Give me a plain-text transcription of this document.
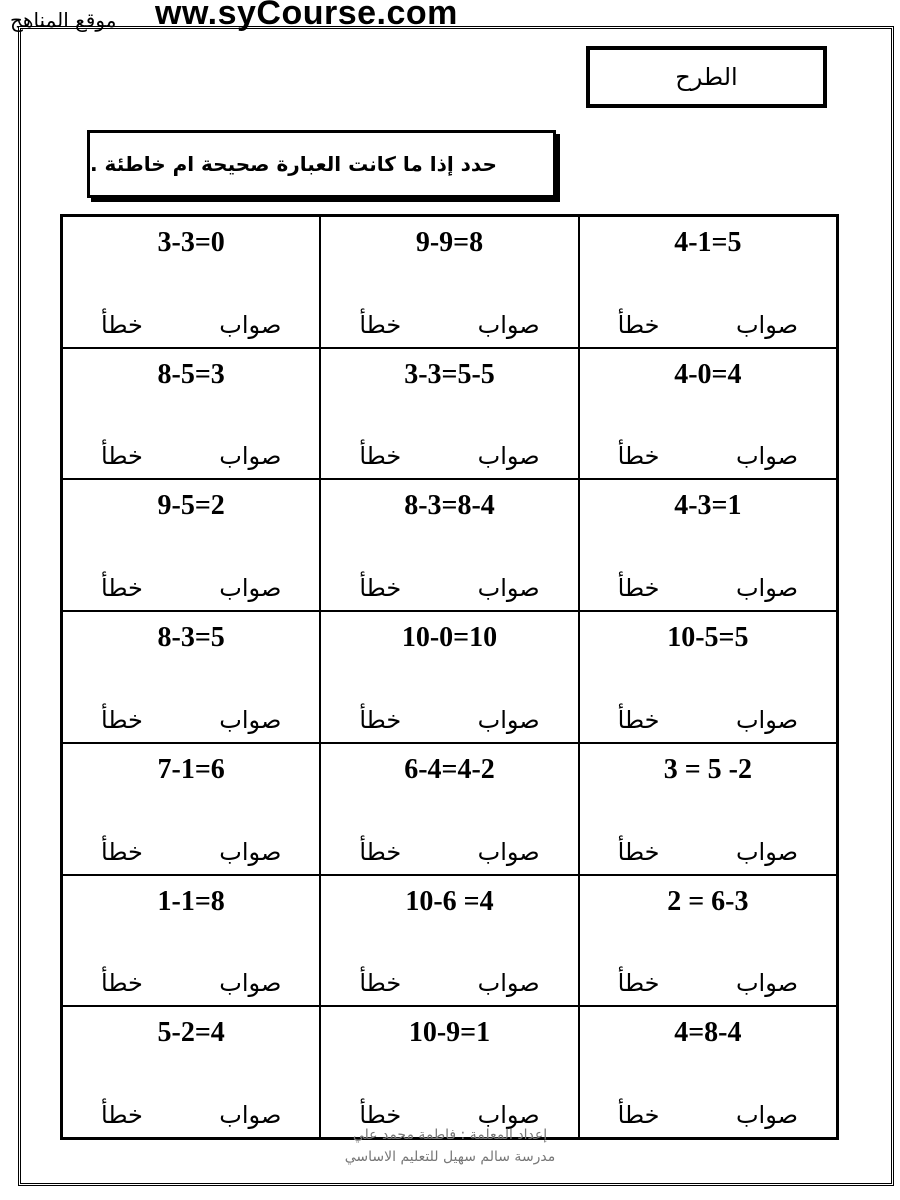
ww.syCourse.com
موقع المناهج
الطرح
حدد إذا ما كانت العبارة صحيحة ام خاطئة .
3-3=0
صواب
خطأ
9-9=8
صواب
خطأ
4-1=5
صواب
خطأ
8-5=3
صواب
خطأ
3-3=5-5
صواب
خطأ
4-0=4
صواب
خطأ
9-5=2
صواب
خطأ
8-3=8-4
صواب
خطأ
4-3=1
صواب
خطأ
8-3=5
صواب
خطأ
10-0=10
صواب
خطأ
10-5=5
صواب
خطأ
7-1=6
صواب
خطأ
6-4=4-2
صواب
خطأ
3 = 5 -2
صواب
خطأ
1-1=8
صواب
خطأ
10-6 =4
صواب
خطأ
2 = 6-3
صواب
خطأ
5-2=4
صواب
خطأ
10-9=1
صواب
خطأ
4=8-4
صواب
خطأ
إعداد المعلمة : فاطمة محمد علي
مدرسة سالم سهيل للتعليم الاساسي
